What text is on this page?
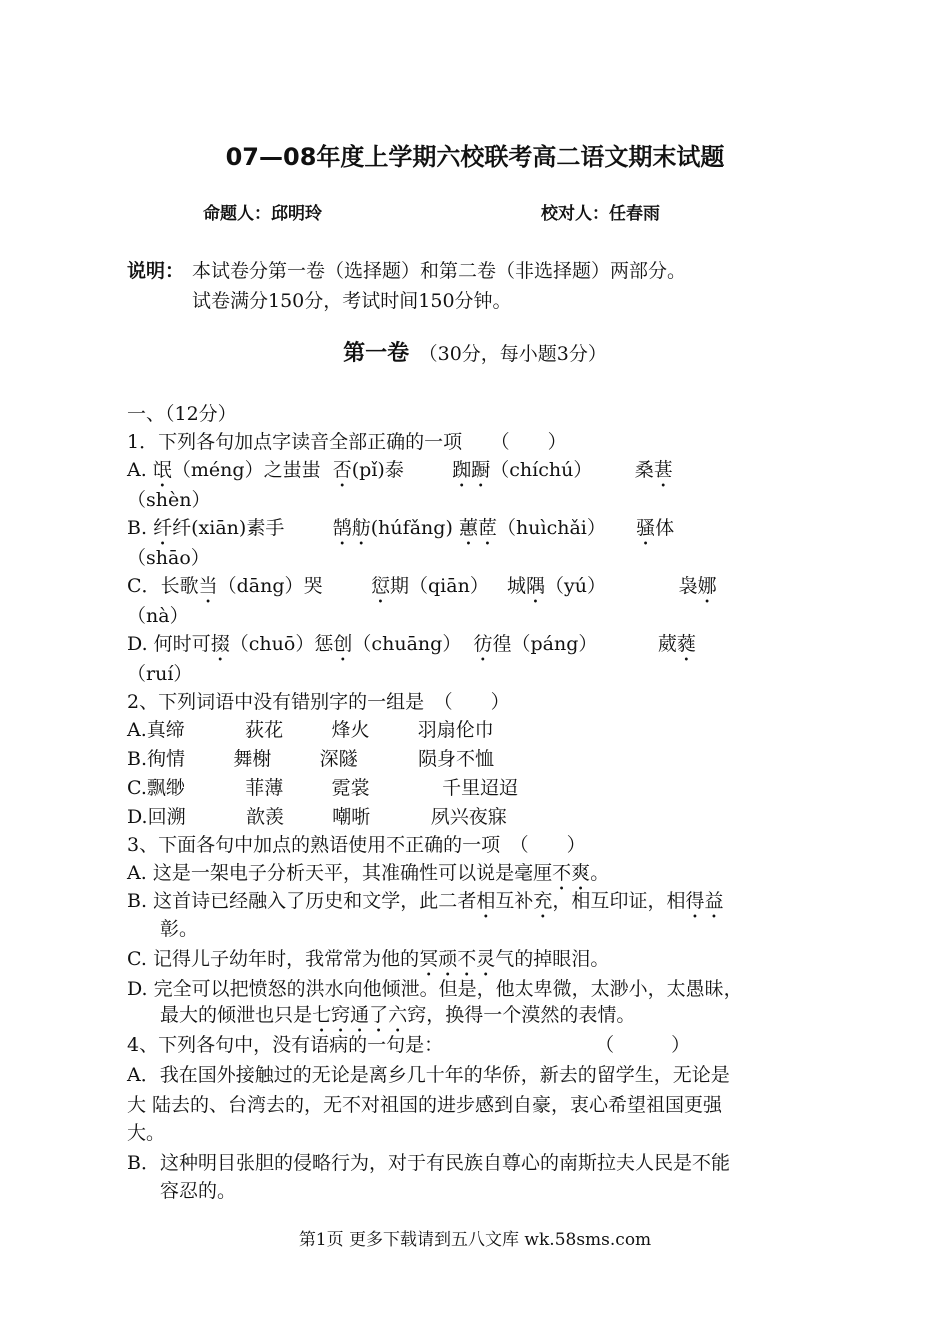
07—08年度上学期六校联考高二语文期末试题
命题人：邱明玲	校对人：任春雨
说明： 本试卷分第一卷（选择题）和第二卷（非选择题）两部分。
试卷满分150分，考试时间150分钟。
第一卷　 （30分，每小题3分）
一、（12分）
1．下列各句加点字读音全部正确的一项　　（　　）
A. 氓（méng）之蚩蚩 否(pǐ)泰	踟蹰（chíchú） 桑葚
（shèn）
B. 纤纤(xiān)素手	鹄舫(húfǎng) 蕙茝（huìchǎi） 骚体
（shāo）
C．长歌当（dāng）哭	愆期（qiān） 城隅（yú）	袅娜
（nà）
D. 何时可掇（chuō）惩创（chuāng） 彷徨（páng）	葳蕤
（ruí）
2、下列词语中没有错别字的一组是　（　　）
A.真缔          荻花        烽火        羽扇伦巾
B.徇情        舞榭        深隧          陨身不恤
C.飘缈          菲薄        霓裳            千里迢迢
D.回溯          歆羡        嘲哳          夙兴夜寐
3、下面各句中加点的熟语使用不正确的一项　（　　）
A. 这是一架电子分析天平，其准确性可以说是毫厘不爽。
B. 这首诗已经融入了历史和文学，此二者相互补充，相互印证，相得益
彰。
C. 记得儿子幼年时，我常常为他的冥顽不灵气的掉眼泪。
D. 完全可以把愤怒的洪水向他倾泄。但是，他太卑微，太渺小，太愚昧，
最大的倾泄也只是七窍通了六窍，换得一个漠然的表情。
4、下列各句中，没有语病的一句是：　　　　　　　　　（　　　）
A．我在国外接触过的无论是离乡几十年的华侨，新去的留学生，无论是
大 陆去的、台湾去的，无不对祖国的进步感到自豪，衷心希望祖国更强
大。
B．这种明目张胆的侵略行为，对于有民族自尊心的南斯拉夫人民是不能
容忍的。
第1页 更多下载请到五八文库 wk.58sms.com
